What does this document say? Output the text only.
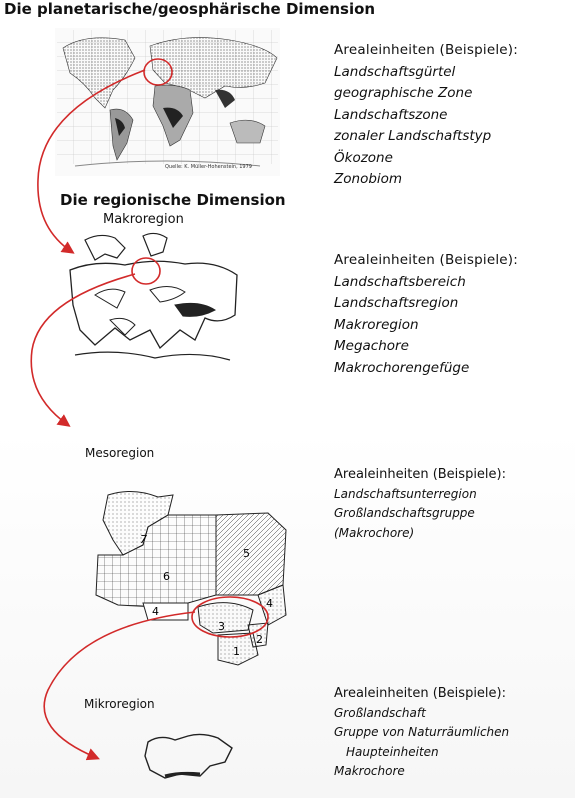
Die planetarische/geosphärische Dimension
Arealeinheiten (Beispiele):
Landschaftsgürtel
geographische Zone
Landschaftszone
zonaler Landschaftstyp
Ökozone
Zonobiom
Quelle: K. Müller-Hohenstein, 1979
Die regionische Dimension
Makroregion
Arealeinheiten (Beispiele):
Landschaftsbereich
Landschaftsregion
Makroregion
Megachore
Makrochorengefüge
Mesoregion
7
5
6
4
4
3
2
1
Arealeinheiten (Beispiele):
Landschaftsunterregion
Großlandschaftsgruppe
(Makrochore)
Mikroregion
Arealeinheiten (Beispiele):
Großlandschaft
Gruppe von Naturräumlichen
Haupteinheiten
Makrochore
